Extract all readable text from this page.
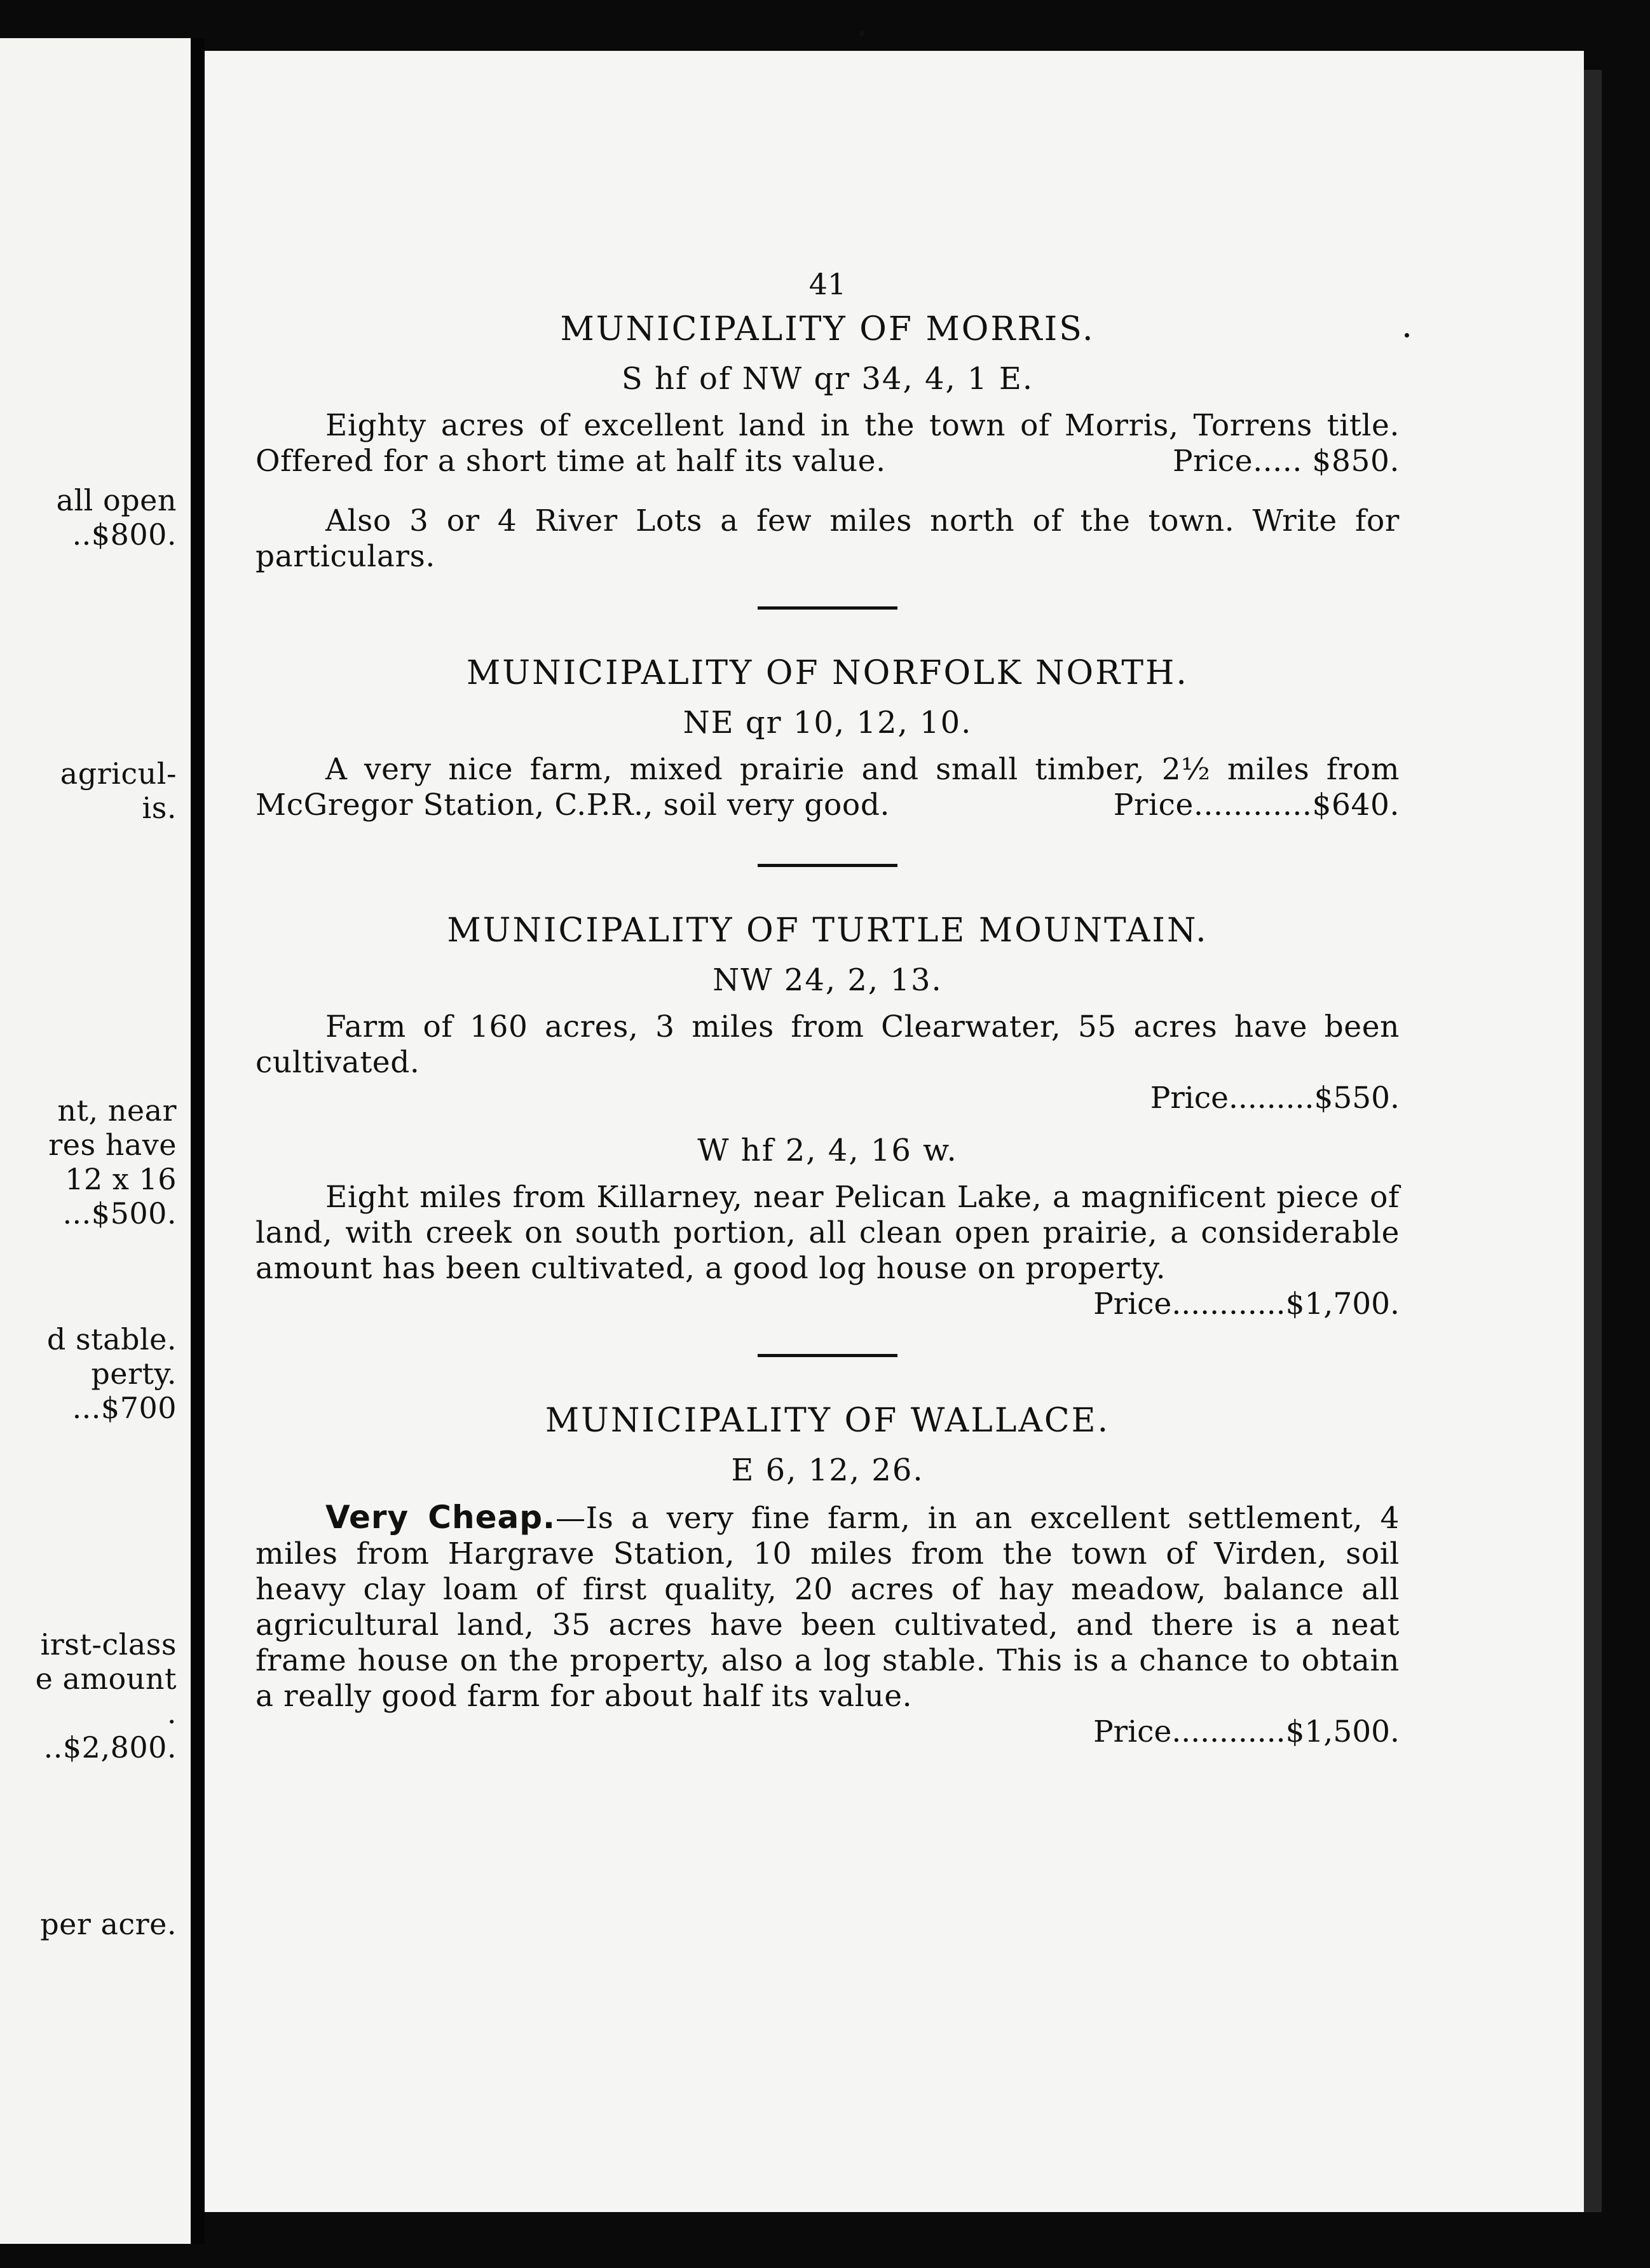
all open
..$800.
agricul-
is.
nt, near
res have
12 x 16
...$500.
d stable.
perty.
...$700
irst-class
e amount
.
..$2,800.
per acre.
41
MUNICIPALITY OF MORRIS.
S hf of NW qr 34, 4, 1 E.

Eighty acres of excellent land in the town of Morris, Torrens title. Offered for a short time at half its value.	Price..... $850.

Also 3 or 4 River Lots a few miles north of the town. Write for particulars.

MUNICIPALITY OF NORFOLK NORTH.
NE qr 10, 12, 10.

A very nice farm, mixed prairie and small timber, 2½ miles from McGregor Station, C.P.R., soil very good.	Price............$640.

MUNICIPALITY OF TURTLE MOUNTAIN.
NW 24, 2, 13.

Farm of 160 acres, 3 miles from Clearwater, 55 acres have been cultivated.

Price.........$550.
W hf 2, 4, 16 w.

Eight miles from Killarney, near Pelican Lake, a magnificent piece of land, with creek on south portion, all clean open prairie, a considerable amount has been cultivated, a good log house on property.

Price............$1,700.
MUNICIPALITY OF WALLACE.
E 6, 12, 26.

Very Cheap.—Is a very fine farm, in an excellent settlement, 4 miles from Hargrave Station, 10 miles from the town of Virden, soil heavy clay loam of first quality, 20 acres of hay meadow, balance all agricultural land, 35 acres have been cultivated, and there is a neat frame house on the property, also a log stable. This is a chance to obtain a really good farm for about half its value.

Price............$1,500.
